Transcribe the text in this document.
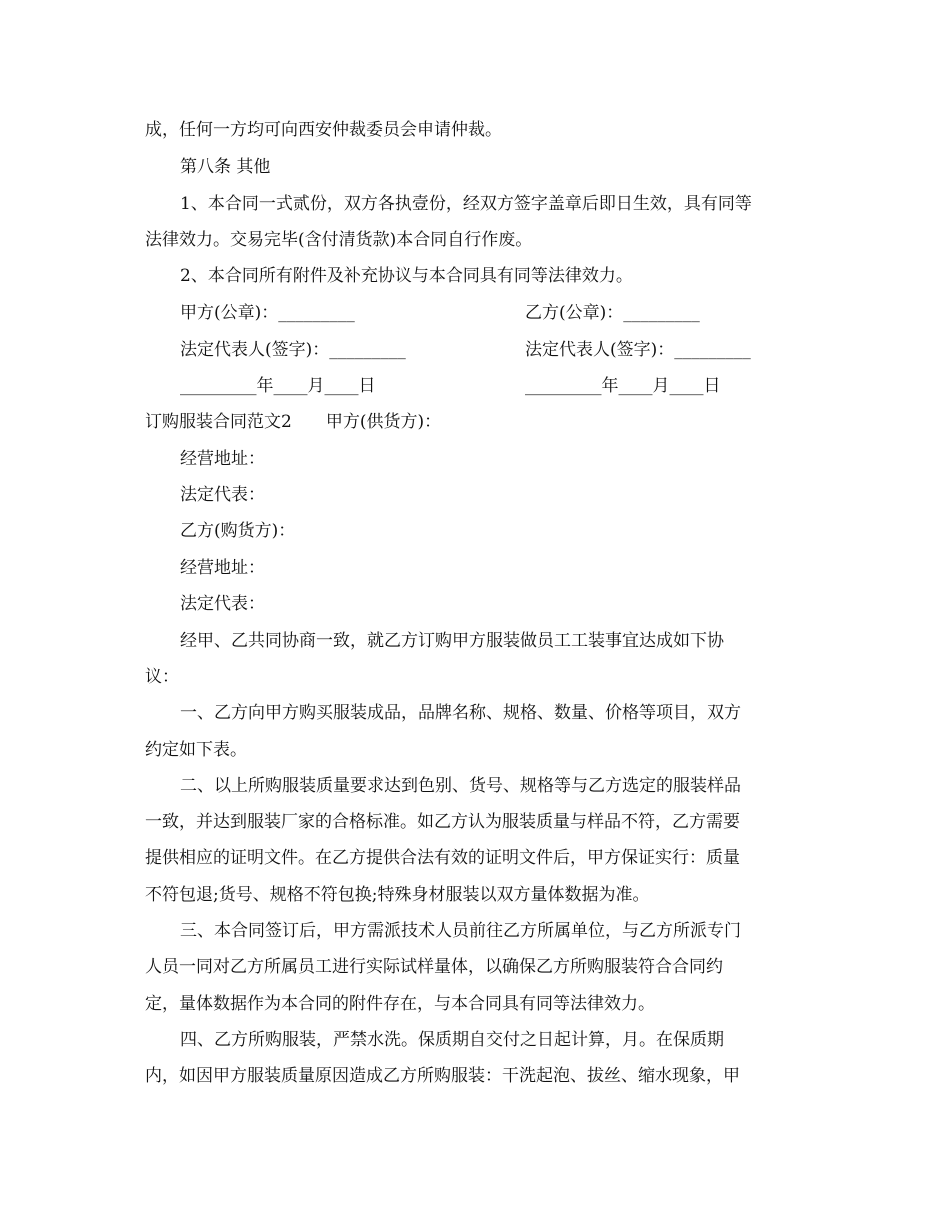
成，任何一方均可向西安仲裁委员会申请仲裁。

第八条 其他

1、本合同一式贰份，双方各执壹份，经双方签字盖章后即日生效，具有同等

法律效力。交易完毕(含付清货款)本合同自行作废。

2、本合同所有附件及补充协议与本合同具有同等法律效力。

甲方(公章)：_________	乙方(公章)：_________
法定代表人(签字)：_________	法定代表人(签字)：_________
_________年____月____日	_________年____月____日

订购服装合同范文2　　甲方(供货方)：

经营地址：

法定代表：

乙方(购货方)：

经营地址：

法定代表：

经甲、乙共同协商一致，就乙方订购甲方服装做员工工装事宜达成如下协

议：

一、乙方向甲方购买服装成品，品牌名称、规格、数量、价格等项目，双方

约定如下表。

二、以上所购服装质量要求达到色别、货号、规格等与乙方选定的服装样品

一致，并达到服装厂家的合格标准。如乙方认为服装质量与样品不符，乙方需要

提供相应的证明文件。在乙方提供合法有效的证明文件后，甲方保证实行：质量

不符包退;货号、规格不符包换;特殊身材服装以双方量体数据为准。

三、本合同签订后，甲方需派技术人员前往乙方所属单位，与乙方所派专门

人员一同对乙方所属员工进行实际试样量体，以确保乙方所购服装符合合同约

定，量体数据作为本合同的附件存在，与本合同具有同等法律效力。

四、乙方所购服装，严禁水洗。保质期自交付之日起计算，月。在保质期

内，如因甲方服装质量原因造成乙方所购服装：干洗起泡、拔丝、缩水现象，甲
